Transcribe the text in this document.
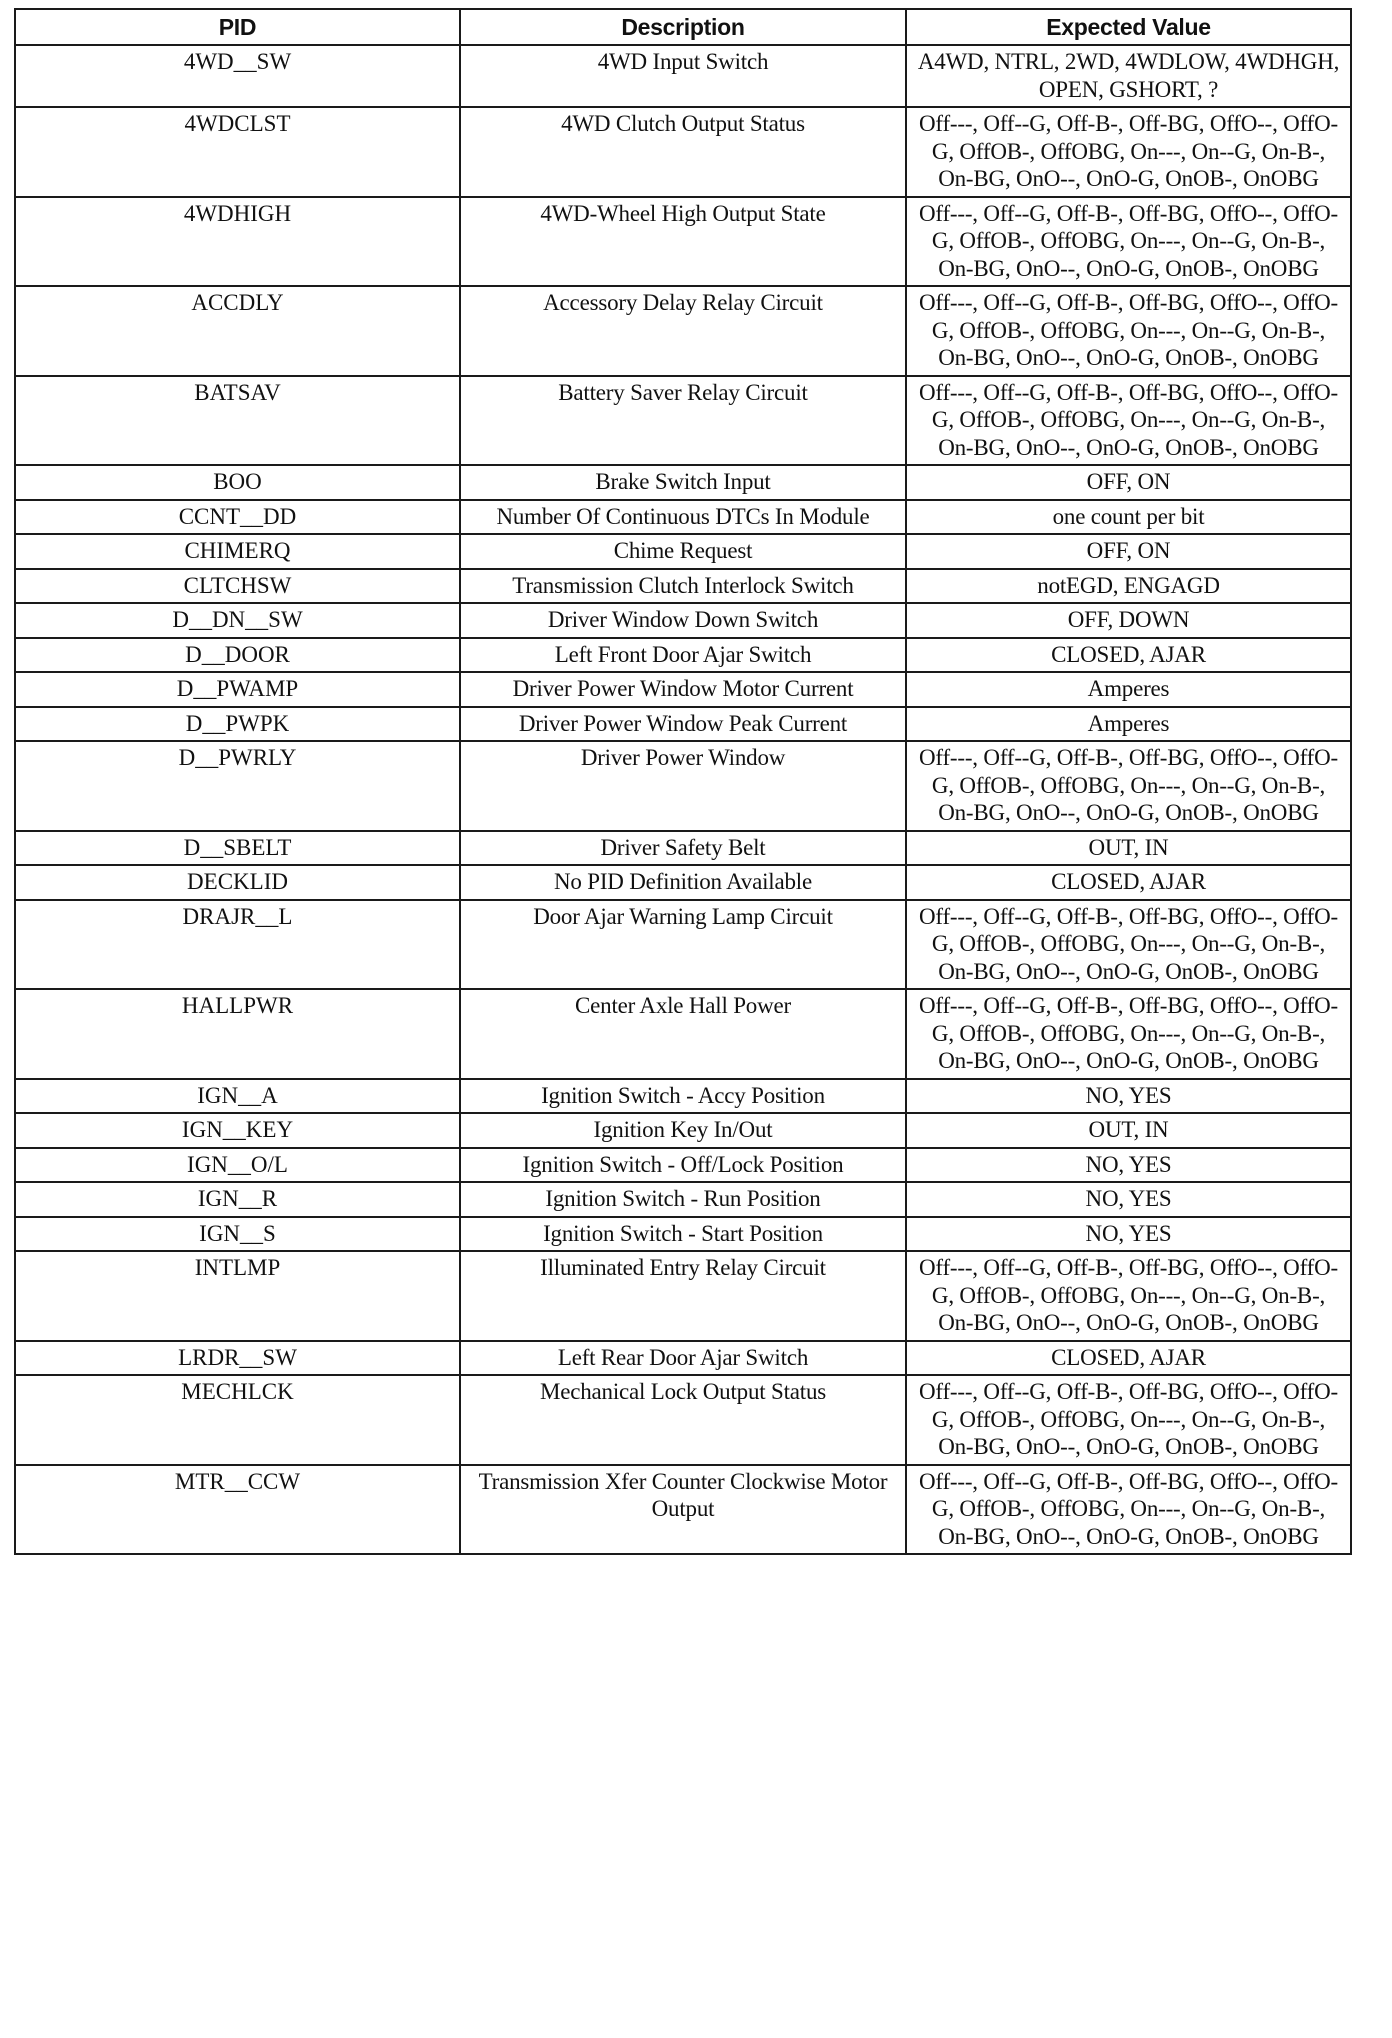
PID	Description	Expected Value
4WD__SW	4WD Input Switch	A4WD, NTRL, 2WD, 4WDLOW, 4WDHGH, OPEN, GSHORT, ?
4WDCLST	4WD Clutch Output Status	Off---, Off--G, Off-B-, Off-BG, OffO--, OffO-G, OffOB-, OffOBG, On---, On--G, On-B-, On-BG, OnO--, OnO-G, OnOB-, OnOBG
4WDHIGH	4WD-Wheel High Output State	Off---, Off--G, Off-B-, Off-BG, OffO--, OffO-G, OffOB-, OffOBG, On---, On--G, On-B-, On-BG, OnO--, OnO-G, OnOB-, OnOBG
ACCDLY	Accessory Delay Relay Circuit	Off---, Off--G, Off-B-, Off-BG, OffO--, OffO-G, OffOB-, OffOBG, On---, On--G, On-B-, On-BG, OnO--, OnO-G, OnOB-, OnOBG
BATSAV	Battery Saver Relay Circuit	Off---, Off--G, Off-B-, Off-BG, OffO--, OffO-G, OffOB-, OffOBG, On---, On--G, On-B-, On-BG, OnO--, OnO-G, OnOB-, OnOBG
BOO	Brake Switch Input	OFF, ON
CCNT__DD	Number Of Continuous DTCs In Module	one count per bit
CHIMERQ	Chime Request	OFF, ON
CLTCHSW	Transmission Clutch Interlock Switch	notEGD, ENGAGD
D__DN__SW	Driver Window Down Switch	OFF, DOWN
D__DOOR	Left Front Door Ajar Switch	CLOSED, AJAR
D__PWAMP	Driver Power Window Motor Current	Amperes
D__PWPK	Driver Power Window Peak Current	Amperes
D__PWRLY	Driver Power Window	Off---, Off--G, Off-B-, Off-BG, OffO--, OffO-G, OffOB-, OffOBG, On---, On--G, On-B-, On-BG, OnO--, OnO-G, OnOB-, OnOBG
D__SBELT	Driver Safety Belt	OUT, IN
DECKLID	No PID Definition Available	CLOSED, AJAR
DRAJR__L	Door Ajar Warning Lamp Circuit	Off---, Off--G, Off-B-, Off-BG, OffO--, OffO-G, OffOB-, OffOBG, On---, On--G, On-B-, On-BG, OnO--, OnO-G, OnOB-, OnOBG
HALLPWR	Center Axle Hall Power	Off---, Off--G, Off-B-, Off-BG, OffO--, OffO-G, OffOB-, OffOBG, On---, On--G, On-B-, On-BG, OnO--, OnO-G, OnOB-, OnOBG
IGN__A	Ignition Switch - Accy Position	NO, YES
IGN__KEY	Ignition Key In/Out	OUT, IN
IGN__O/L	Ignition Switch - Off/Lock Position	NO, YES
IGN__R	Ignition Switch - Run Position	NO, YES
IGN__S	Ignition Switch - Start Position	NO, YES
INTLMP	Illuminated Entry Relay Circuit	Off---, Off--G, Off-B-, Off-BG, OffO--, OffO-G, OffOB-, OffOBG, On---, On--G, On-B-, On-BG, OnO--, OnO-G, OnOB-, OnOBG
LRDR__SW	Left Rear Door Ajar Switch	CLOSED, AJAR
MECHLCK	Mechanical Lock Output Status	Off---, Off--G, Off-B-, Off-BG, OffO--, OffO-G, OffOB-, OffOBG, On---, On--G, On-B-, On-BG, OnO--, OnO-G, OnOB-, OnOBG
MTR__CCW	Transmission Xfer Counter Clockwise Motor Output	Off---, Off--G, Off-B-, Off-BG, OffO--, OffO-G, OffOB-, OffOBG, On---, On--G, On-B-, On-BG, OnO--, OnO-G, OnOB-, OnOBG
